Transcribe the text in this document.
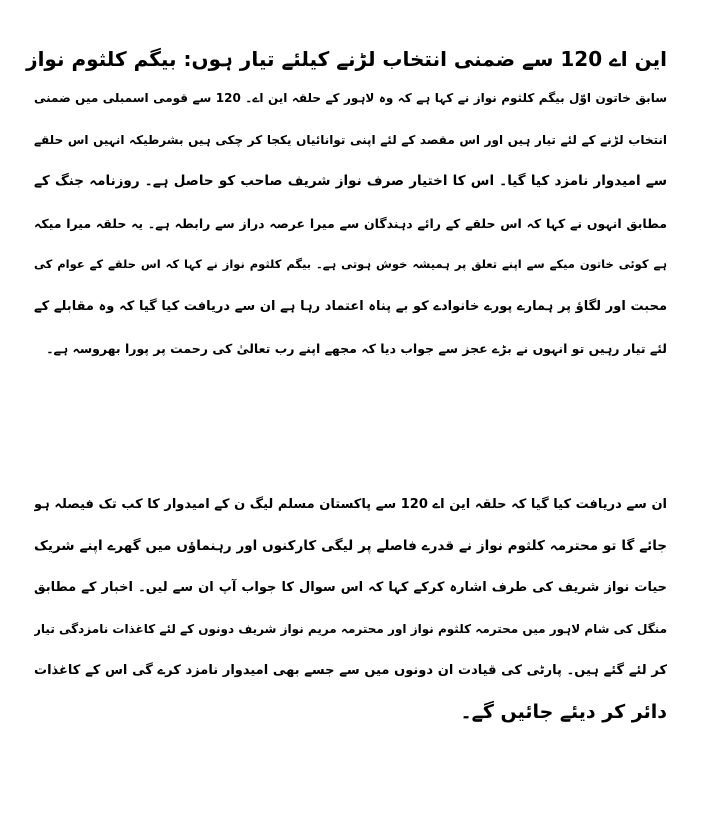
این اے 120 سے ضمنی انتخاب لڑنے کیلئے تیار ہوں: بیگم کلثوم نواز

سابق خاتون اوّل بیگم کلثوم نواز نے کہا ہے کہ وہ لاہور کے حلقہ این اے۔ 120 سے قومی اسمبلی میں ضمنی
انتخاب لڑنے کے لئے تیار ہیں اور اس مقصد کے لئے اپنی توانائیاں یکجا کر چکی ہیں بشرطیکہ انہیں اس حلقے
سے امیدوار نامزد کیا گیا۔ اس کا اختیار صرف نواز شریف صاحب کو حاصل ہے۔ روزنامہ جنگ کے
مطابق انہوں نے کہا کہ اس حلقے کے رائے دہندگان سے میرا عرصہ دراز سے رابطہ ہے۔ یہ حلقہ میرا میکہ
ہے کوئی خاتون میکے سے اپنے تعلق پر ہمیشہ خوش ہوتی ہے۔ بیگم کلثوم نواز نے کہا کہ اس حلقے کے عوام کی
محبت اور لگاؤ پر ہمارے پورے خانوادے کو بے پناہ اعتماد رہا ہے ان سے دریافت کیا گیا کہ وہ مقابلے کے
لئے تیار رہیں تو انہوں نے بڑے عجز سے جواب دیا کہ مجھے اپنے رب تعالیٰ کی رحمت پر پورا بھروسہ ہے۔

ان سے دریافت کیا گیا کہ حلقہ این اے 120 سے پاکستان مسلم لیگ ن کے امیدوار کا کب تک فیصلہ ہو
جائے گا تو محترمہ کلثوم نواز نے قدرے فاصلے پر لیگی کارکنوں اور رہنماؤں میں گھرے اپنے شریک
حیات نواز شریف کی طرف اشارہ کرکے کہا کہ اس سوال کا جواب آپ ان سے لیں۔ اخبار کے مطابق
منگل کی شام لاہور میں محترمہ کلثوم نواز اور محترمہ مریم نواز شریف دونوں کے لئے کاغذات نامزدگی تیار
کر لئے گئے ہیں۔ پارٹی کی قیادت ان دونوں میں سے جسے بھی امیدوار نامزد کرے گی اس کے کاغذات
دائر کر دیئے جائیں گے۔
